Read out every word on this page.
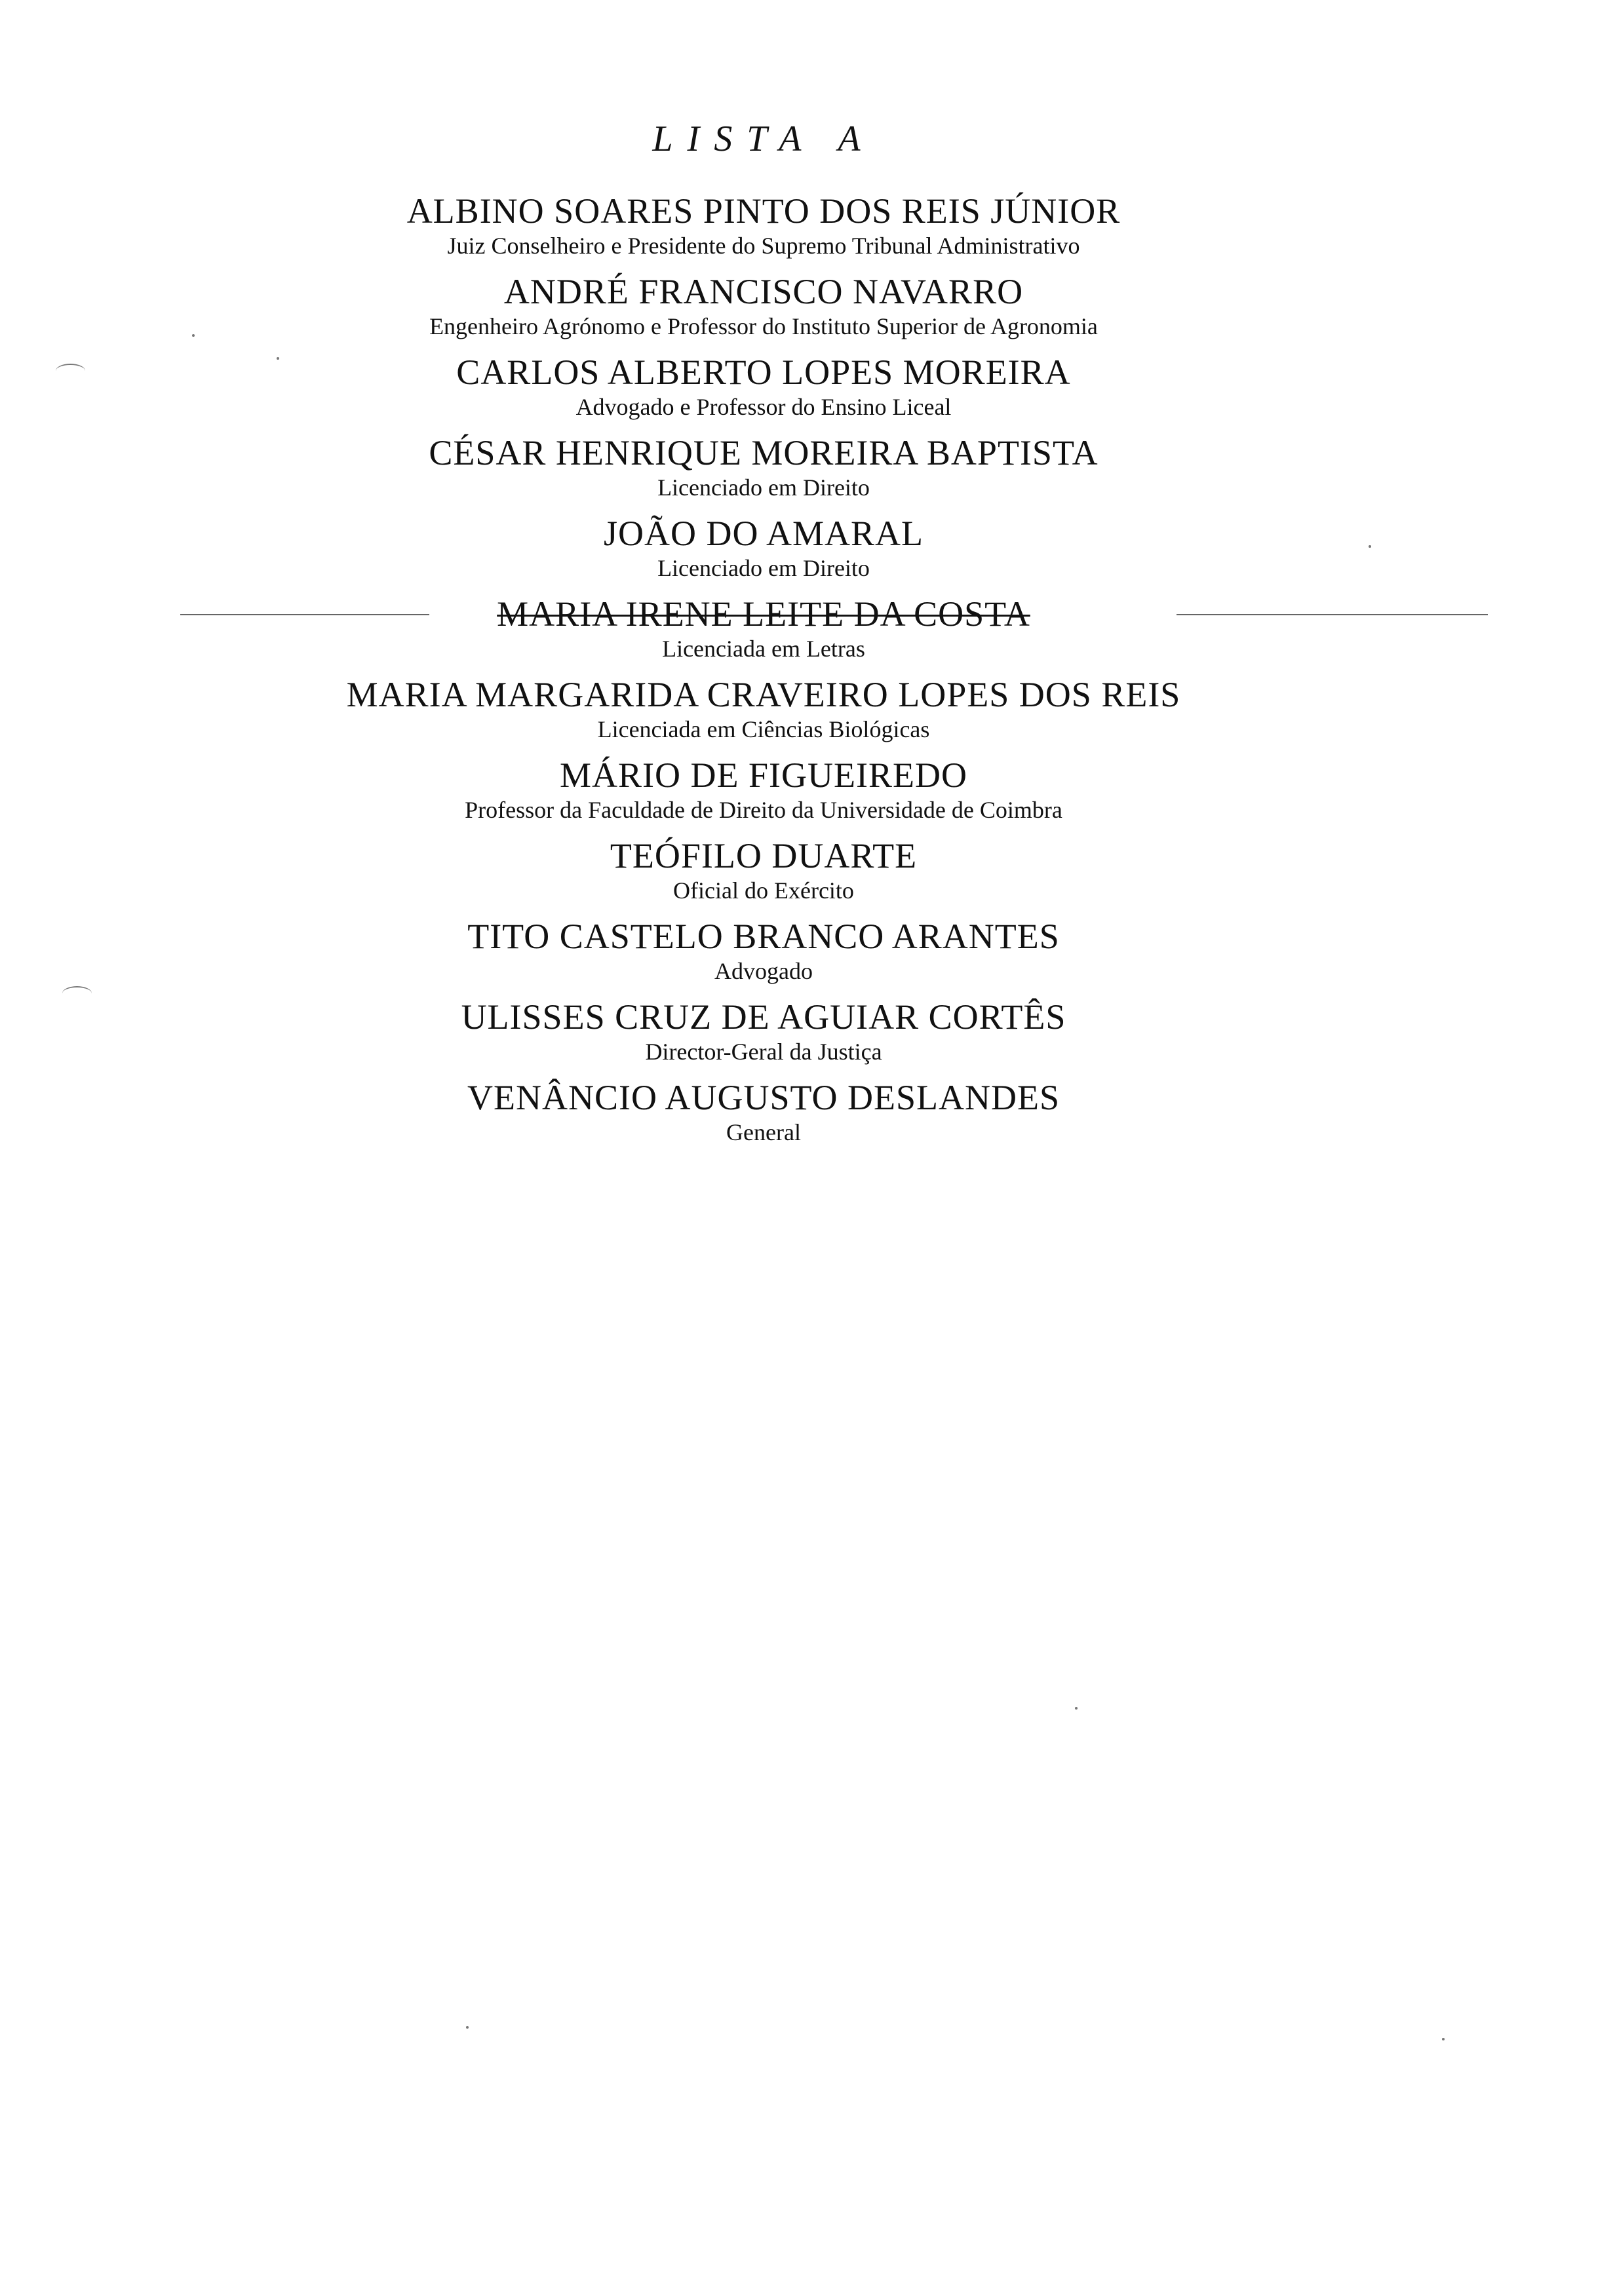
LISTA A
ALBINO SOARES PINTO DOS REIS JÚNIOR
Juiz Conselheiro e Presidente do Supremo Tribunal Administrativo
ANDRÉ FRANCISCO NAVARRO
Engenheiro Agrónomo e Professor do Instituto Superior de Agronomia
CARLOS ALBERTO LOPES MOREIRA
Advogado e Professor do Ensino Liceal
CÉSAR HENRIQUE MOREIRA BAPTISTA
Licenciado em Direito
JOÃO DO AMARAL
Licenciado em Direito
MARIA IRENE LEITE DA COSTA
Licenciada em Letras
MARIA MARGARIDA CRAVEIRO LOPES DOS REIS
Licenciada em Ciências Biológicas
MÁRIO DE FIGUEIREDO
Professor da Faculdade de Direito da Universidade de Coimbra
TEÓFILO DUARTE
Oficial do Exército
TITO CASTELO BRANCO ARANTES
Advogado
ULISSES CRUZ DE AGUIAR CORTÊS
Director-Geral da Justiça
VENÂNCIO AUGUSTO DESLANDES
General
